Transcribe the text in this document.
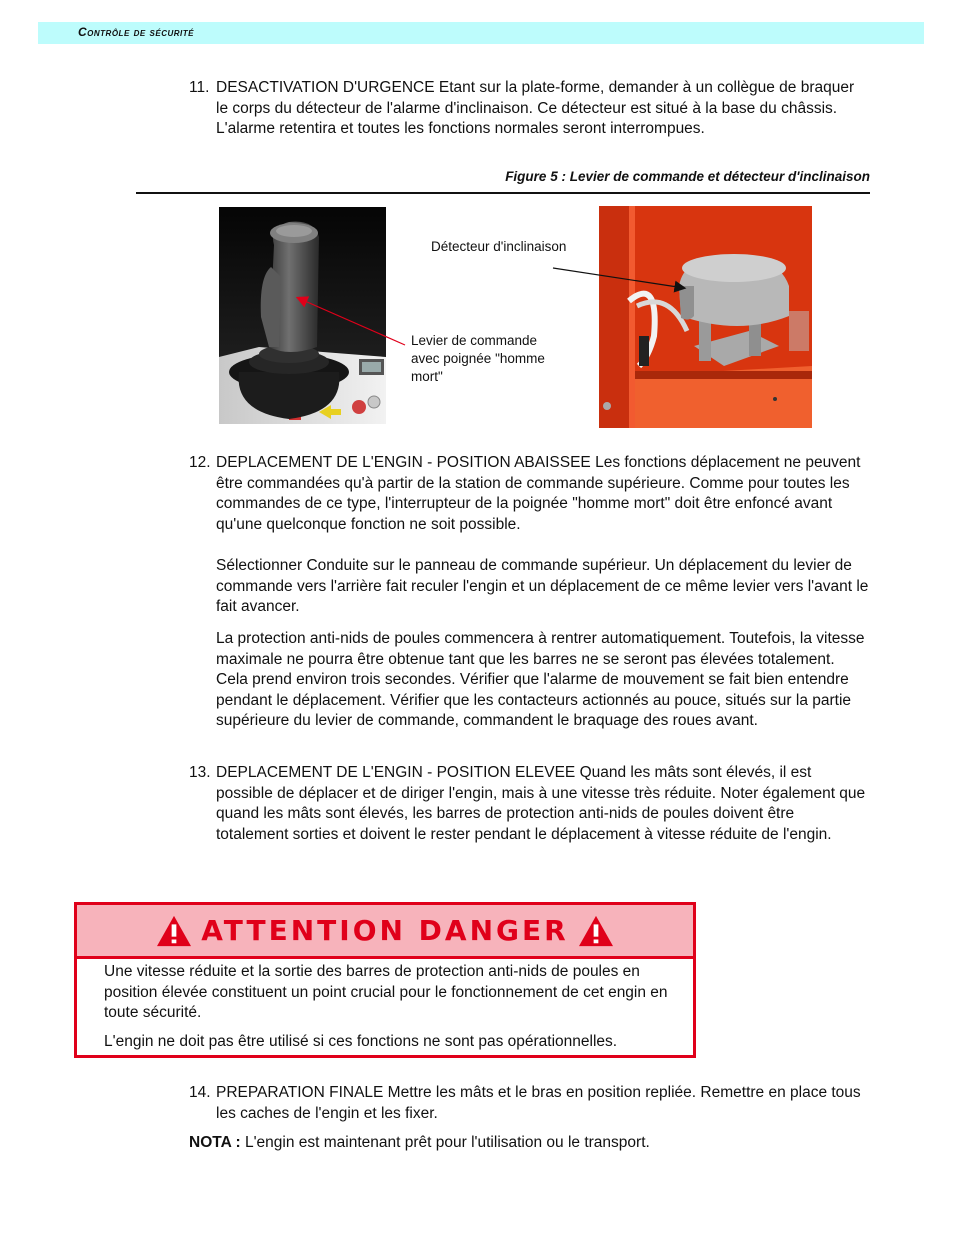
Contrôle de sécurité
11. DESACTIVATION D'URGENCE Etant sur la plate-forme, demander à un collègue de braquer le corps du détecteur de l'alarme d'inclinaison. Ce détecteur est situé à la base du châssis. L'alarme retentira et toutes les fonctions normales seront interrompues.
Figure 5 : Levier de commande et détecteur d'inclinaison
Détecteur d'inclinaison
Levier de commande
avec poignée "homme
mort"
12. DEPLACEMENT DE L'ENGIN - POSITION ABAISSEE Les fonctions déplacement ne peuvent être commandées qu'à partir de la station de commande supérieure. Comme pour toutes les commandes de ce type, l'interrupteur de la poignée "homme mort" doit être enfoncé avant qu'une quelconque fonction ne soit possible.
Sélectionner Conduite sur le panneau de commande supérieur. Un déplacement du levier de commande vers l'arrière fait reculer l'engin et un déplacement de ce même levier vers l'avant le fait avancer.
La protection anti-nids de poules commencera à rentrer automatiquement. Toutefois, la vitesse maximale ne pourra être obtenue tant que les barres ne se seront pas élevées totalement. Cela prend environ trois secondes. Vérifier que l'alarme de mouvement se fait bien entendre pendant le déplacement. Vérifier que les contacteurs actionnés au pouce, situés sur la partie supérieure du levier de commande, commandent le braquage des roues avant.
13. DEPLACEMENT DE L'ENGIN - POSITION ELEVEE Quand les mâts sont élevés, il est possible de déplacer et de diriger l'engin, mais à une vitesse très réduite. Noter également que quand les mâts sont élevés, les barres de protection anti-nids de poules doivent être totalement sorties et doivent le rester pendant le déplacement à vitesse réduite de l'engin.
ATTENTION DANGER

Une vitesse réduite et la sortie des barres de protection anti-nids de poules en position élevée constituent un point crucial pour le fonctionnement de cet engin en toute sécurité.

L'engin ne doit pas être utilisé si ces fonctions ne sont pas opérationnelles.

14. PREPARATION FINALE Mettre les mâts et le bras en position repliée. Remettre en place tous les caches de l'engin et les fixer.
NOTA : L'engin est maintenant prêt pour l'utilisation ou le transport.
